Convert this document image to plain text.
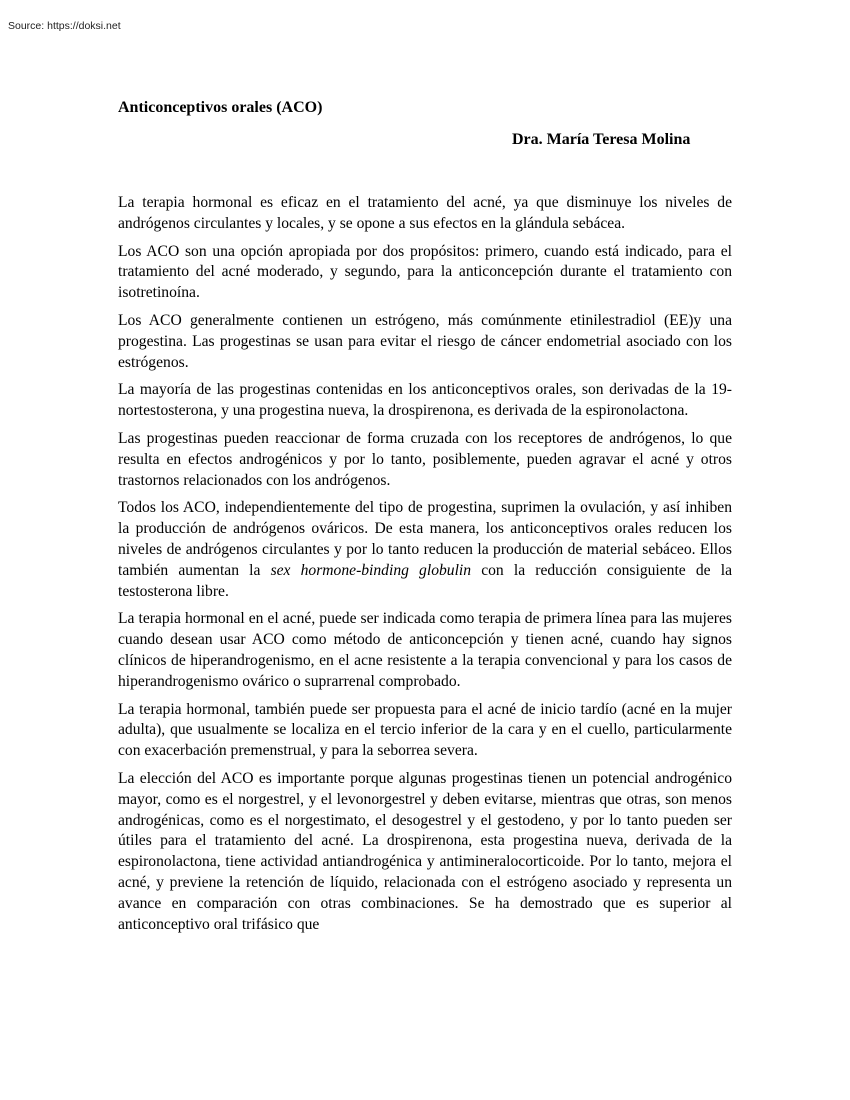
Source: https://doksi.net
Anticonceptivos orales (ACO)
Dra. María Teresa Molina

La terapia hormonal es eficaz en el tratamiento del acné, ya que disminuye los niveles de andrógenos circulantes y locales, y se opone a sus efectos en la glándula sebácea.

Los ACO son una opción apropiada por dos propósitos: primero, cuando está indicado, para el tratamiento del acné moderado, y segundo, para la anticoncepción durante el tratamiento con isotretinoína.

Los ACO generalmente contienen un estrógeno, más comúnmente etinilestradiol (EE)y una progestina. Las progestinas se usan para evitar el riesgo de cáncer endometrial asociado con los estrógenos.

La mayoría de las progestinas contenidas en los anticonceptivos orales, son derivadas de la 19-nortestosterona, y una progestina nueva, la drospirenona, es derivada de la espironolactona.

Las progestinas pueden reaccionar de forma cruzada con los receptores de andrógenos, lo que resulta en efectos androgénicos y por lo tanto, posiblemente, pueden agravar el acné y otros trastornos relacionados con los andrógenos.

Todos los ACO, independientemente del tipo de progestina, suprimen la ovulación, y así inhiben la producción de andrógenos ováricos. De esta manera, los anticonceptivos orales reducen los niveles de andrógenos circulantes y por lo tanto reducen la producción de material sebáceo. Ellos también aumentan la sex hormone-binding globulin con la reducción consiguiente de la testosterona libre.

La terapia hormonal en el acné, puede ser indicada como terapia de primera línea para las mujeres cuando desean usar ACO como método de anticoncepción y tienen acné, cuando hay signos clínicos de hiperandrogenismo, en el acne resistente a la terapia convencional y para los casos de hiperandrogenismo ovárico o suprarrenal comprobado.

La terapia hormonal, también puede ser propuesta para el acné de inicio tardío (acné en la mujer adulta), que usualmente se localiza en el tercio inferior de la cara y en el cuello, particularmente con exacerbación premenstrual, y para la seborrea severa.

La elección del ACO es importante porque algunas progestinas tienen un potencial androgénico mayor, como es el norgestrel, y el levonorgestrel y deben evitarse, mientras que otras, son menos androgénicas, como es el norgestimato, el desogestrel y el gestodeno, y por lo tanto pueden ser útiles para el tratamiento del acné. La drospirenona, esta progestina nueva, derivada de la espironolactona, tiene actividad antiandrogénica y antimineralocorticoide. Por lo tanto, mejora el acné, y previene la retención de líquido, relacionada con el estrógeno asociado y representa un avance en comparación con otras combinaciones. Se ha demostrado que es superior al anticonceptivo oral trifásico que
